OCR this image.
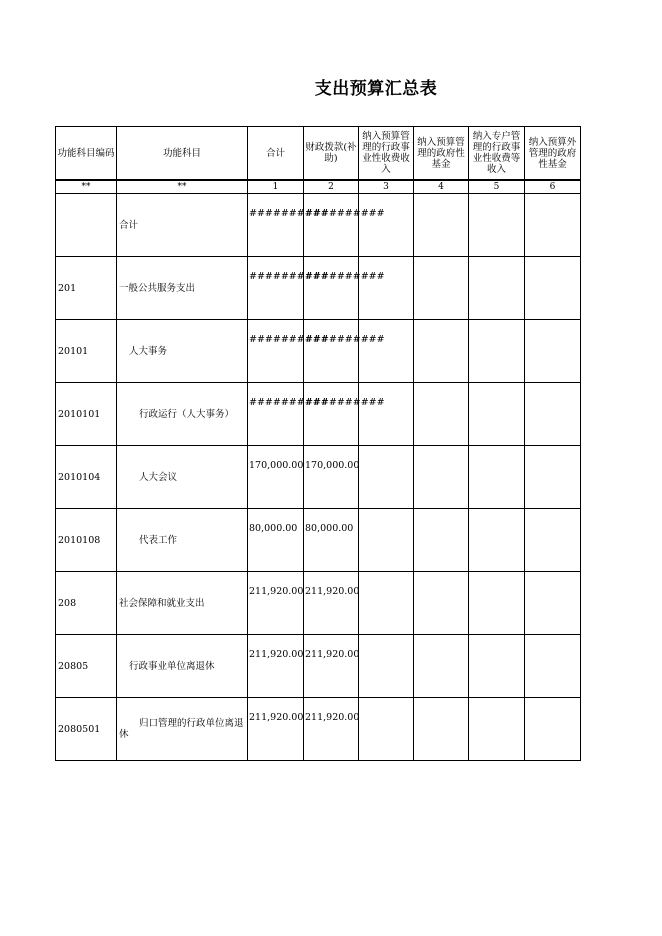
支出预算汇总表
功能科目编码	功能科目	合计	财政拨款(补助)	纳入预算管理的行政事业性收费收入	纳入预算管理的政府性基金	纳入专户管理的行政事业性收费等收入	纳入预算外管理的政府性基金
**	**	1	2	3	4	5	6
	合计	##########	##########				
201	一般公共服务支出	##########	##########				
20101	人大事务	##########	##########				
2010101	行政运行（人大事务）	##########	##########				
2010104	人大会议	170,000.00	170,000.00				
2010108	代表工作	80,000.00	80,000.00				
208	社会保障和就业支出	211,920.00	211,920.00				
20805	行政事业单位离退休	211,920.00	211,920.00				
2080501	归口管理的行政单位离退休	211,920.00	211,920.00				
